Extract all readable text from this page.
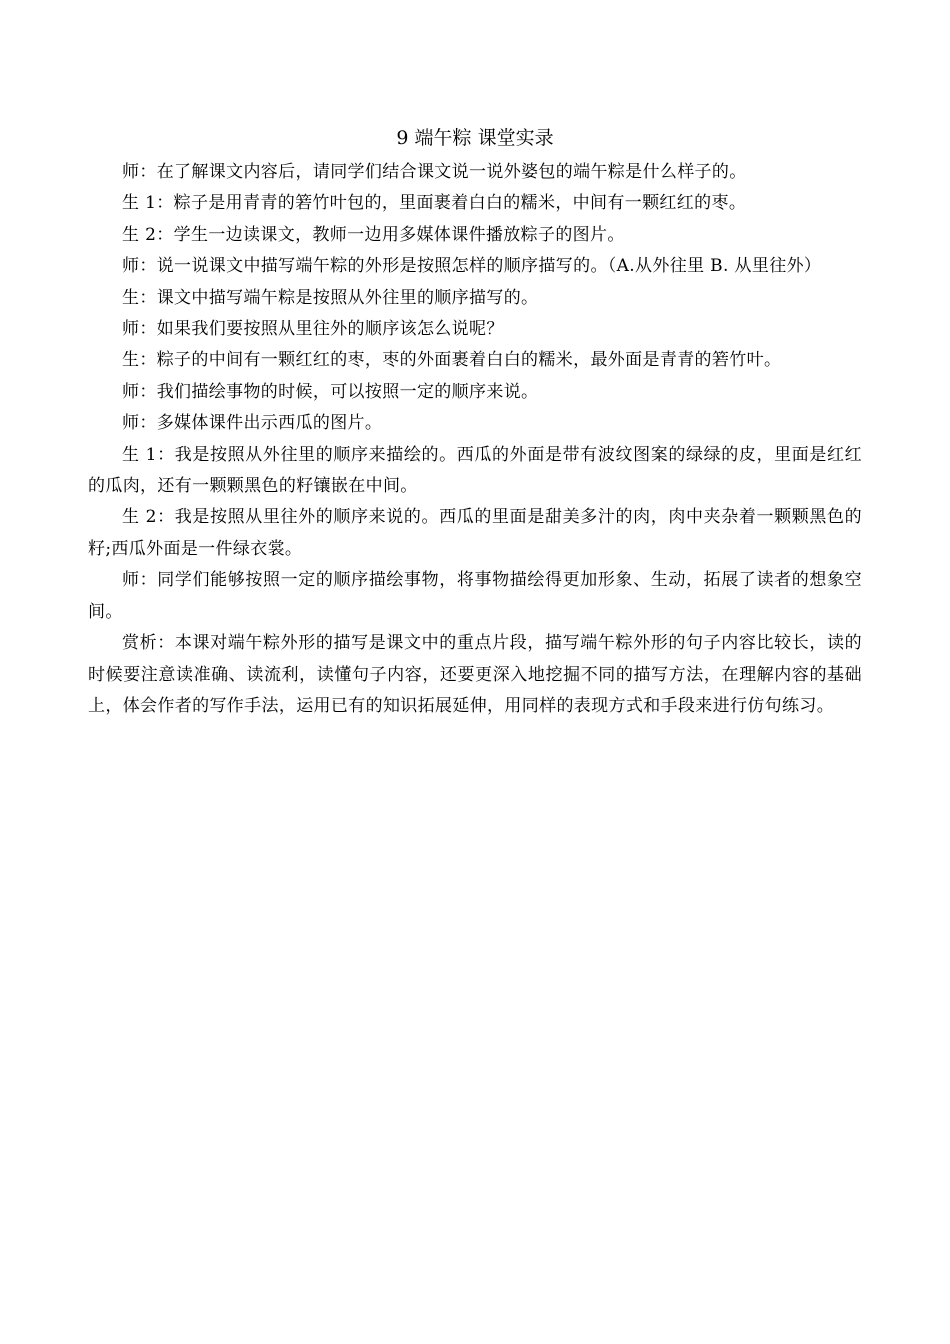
9 端午粽 课堂实录

师：在了解课文内容后，请同学们结合课文说一说外婆包的端午粽是什么样子的。

生 1：粽子是用青青的箬竹叶包的，里面裹着白白的糯米，中间有一颗红红的枣。

生 2：学生一边读课文，教师一边用多媒体课件播放粽子的图片。

师：说一说课文中描写端午粽的外形是按照怎样的顺序描写的。（A.从外往里 B. 从里往外）

生：课文中描写端午粽是按照从外往里的顺序描写的。

师：如果我们要按照从里往外的顺序该怎么说呢？

生：粽子的中间有一颗红红的枣，枣的外面裹着白白的糯米，最外面是青青的箬竹叶。

师：我们描绘事物的时候，可以按照一定的顺序来说。

师：多媒体课件出示西瓜的图片。

生 1：我是按照从外往里的顺序来描绘的。西瓜的外面是带有波纹图案的绿绿的皮，里面是红红的瓜肉，还有一颗颗黑色的籽镶嵌在中间。

生 2：我是按照从里往外的顺序来说的。西瓜的里面是甜美多汁的肉，肉中夹杂着一颗颗黑色的籽;西瓜外面是一件绿衣裳。

师：同学们能够按照一定的顺序描绘事物，将事物描绘得更加形象、生动，拓展了读者的想象空间。

赏析：本课对端午粽外形的描写是课文中的重点片段，描写端午粽外形的句子内容比较长，读的时候要注意读准确、读流利，读懂句子内容，还要更深入地挖掘不同的描写方法，在理解内容的基础上，体会作者的写作手法，运用已有的知识拓展延伸，用同样的表现方式和手段来进行仿句练习。
